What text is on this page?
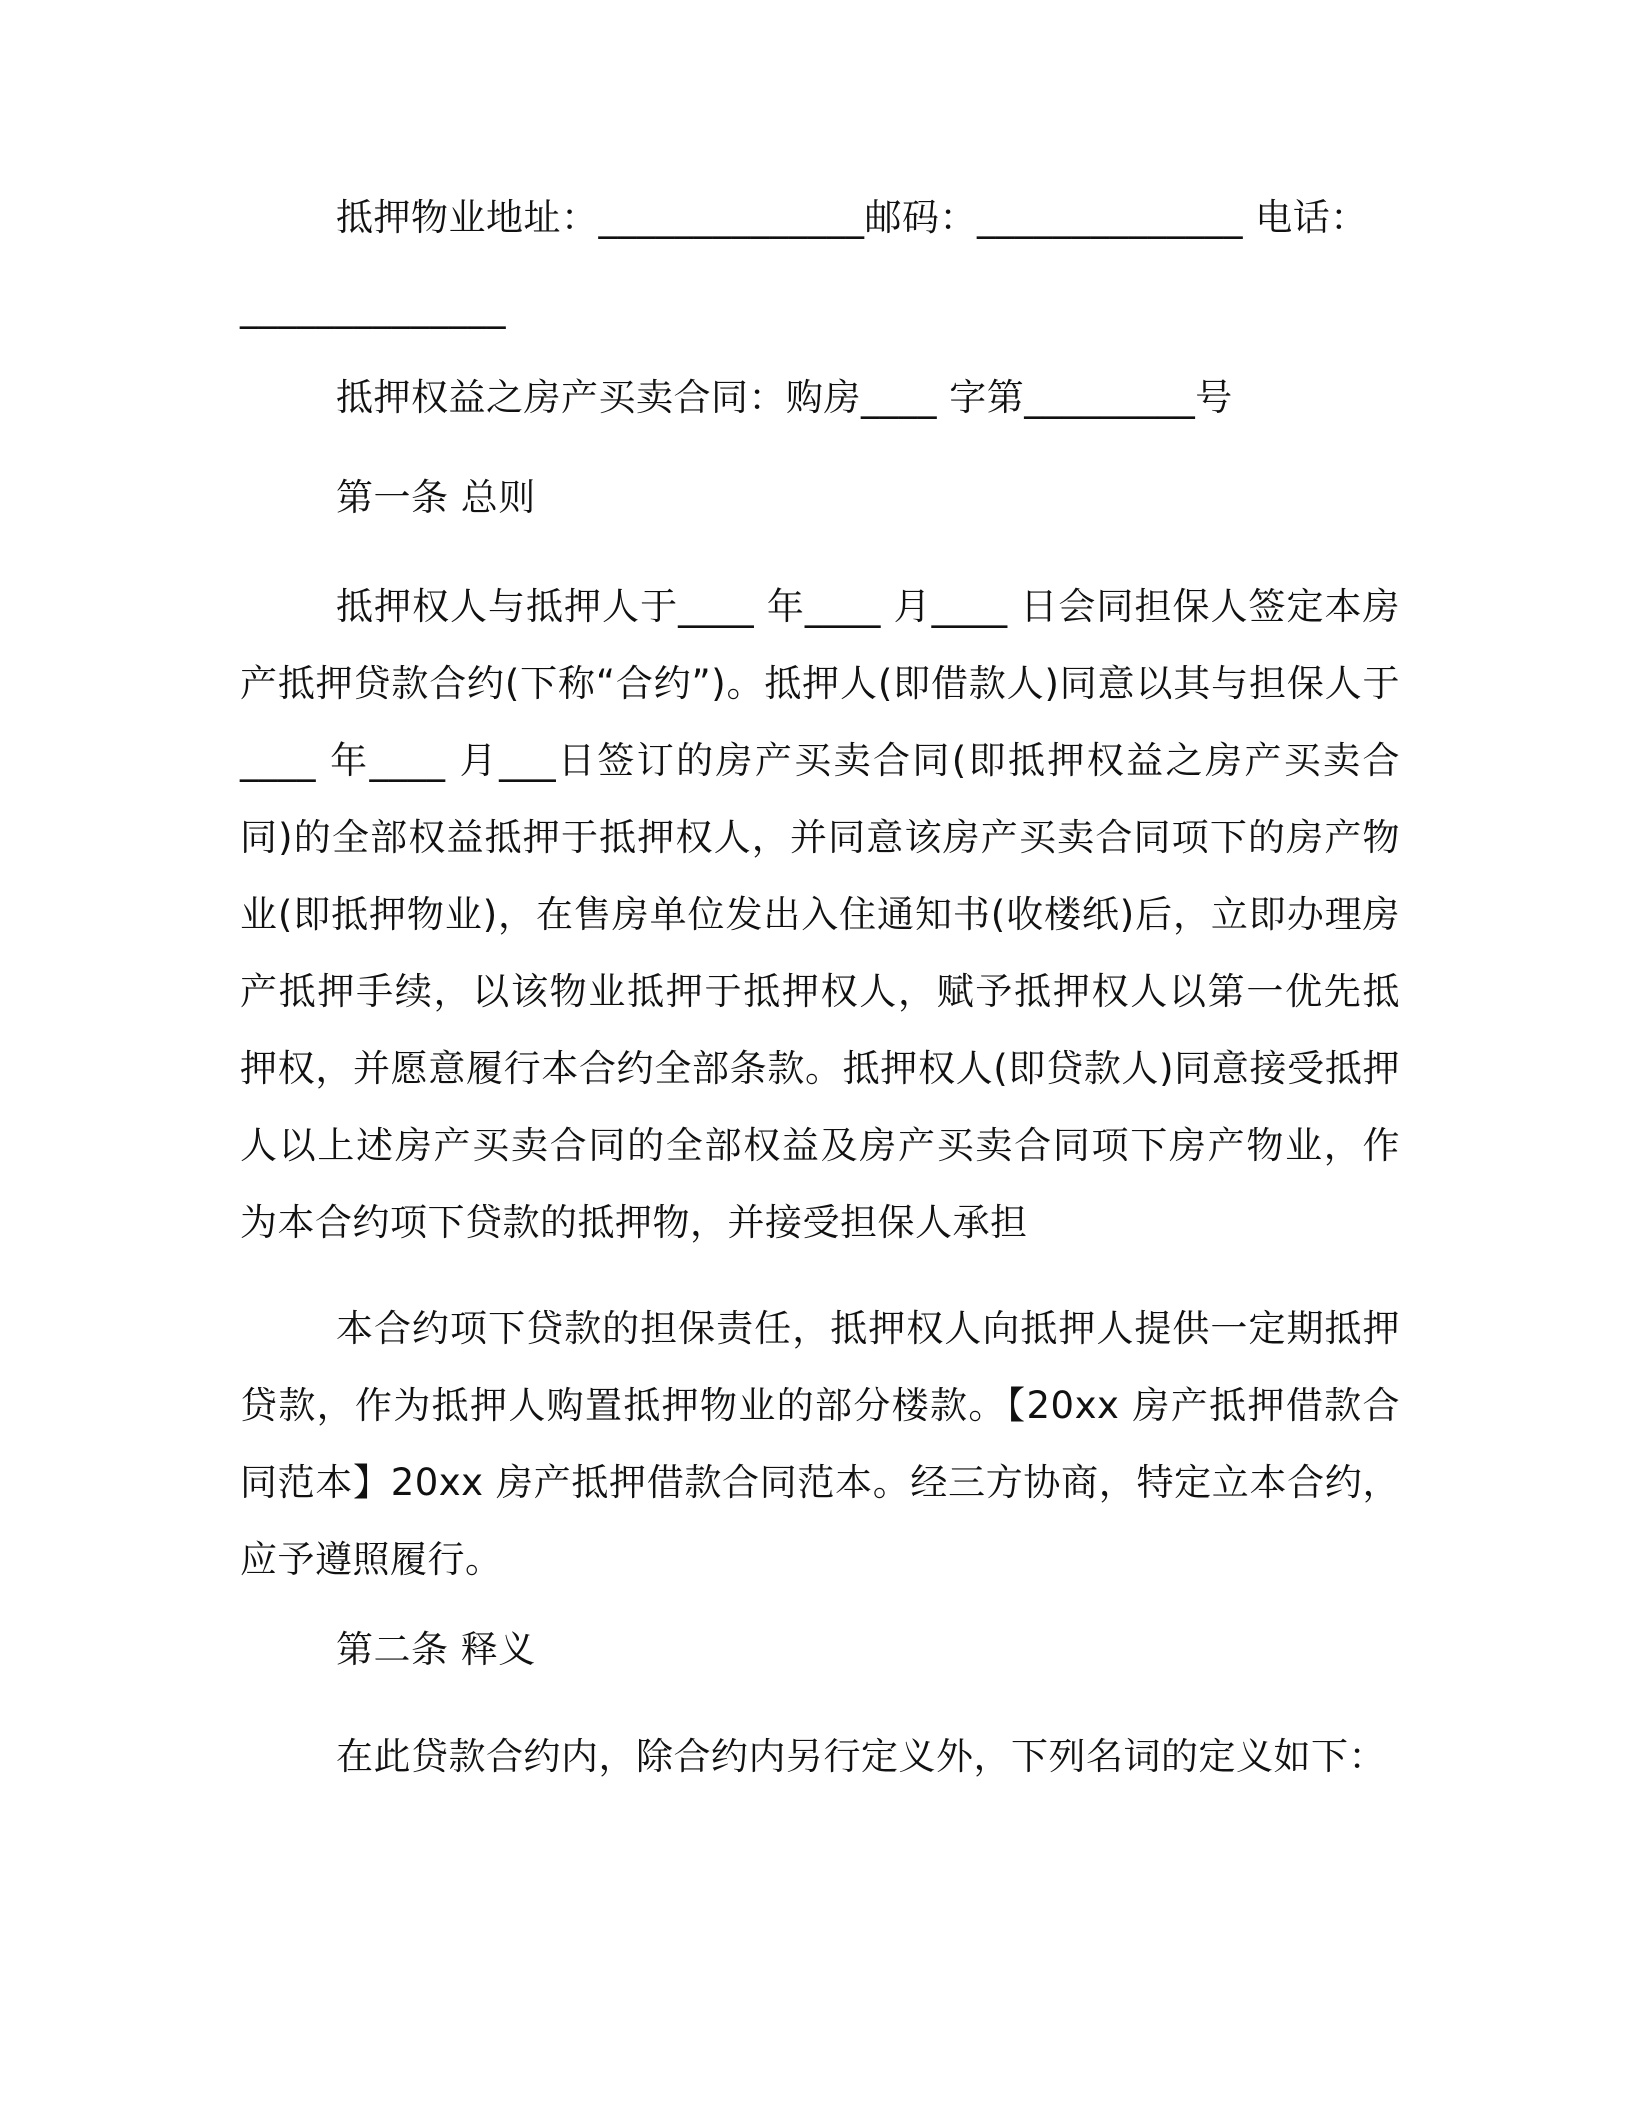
抵押物业地址：______________邮码：______________ 电话：
______________
抵押权益之房产买卖合同：购房____ 字第_________号
第一条 总则
抵押权人与抵押人于____ 年____ 月____ 日会同担保人签定本房产抵押贷款合约(下称“合约”)。抵押人(即借款人)同意以其与担保人于____ 年____ 月___日签订的房产买卖合同(即抵押权益之房产买卖合同)的全部权益抵押于抵押权人，并同意该房产买卖合同项下的房产物业(即抵押物业)，在售房单位发出入住通知书(收楼纸)后，立即办理房产抵押手续，以该物业抵押于抵押权人，赋予抵押权人以第一优先抵押权，并愿意履行本合约全部条款。抵押权人(即贷款人)同意接受抵押人以上述房产买卖合同的全部权益及房产买卖合同项下房产物业，作为本合约项下贷款的抵押物，并接受担保人承担
本合约项下贷款的担保责任，抵押权人向抵押人提供一定期抵押贷款，作为抵押人购置抵押物业的部分楼款。【20xx 房产抵押借款合同范本】20xx 房产抵押借款合同范本。经三方协商，特定立本合约，应予遵照履行。
第二条 释义
在此贷款合约内，除合约内另行定义外，下列名词的定义如下：
